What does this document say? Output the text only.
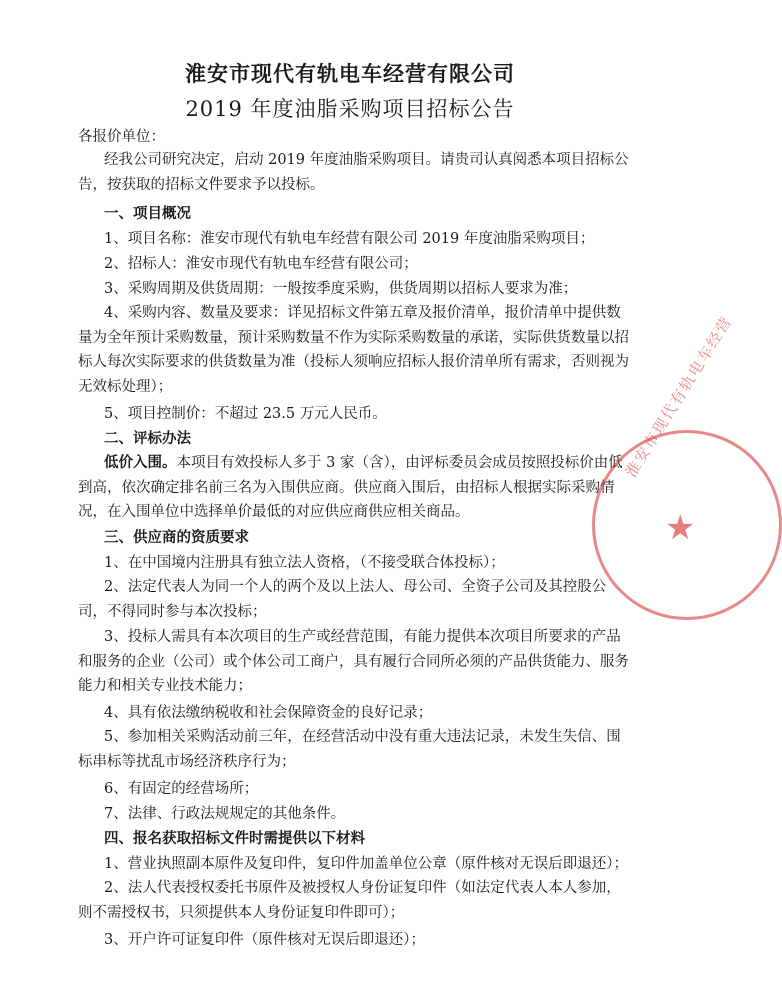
淮安市现代有轨电车经营有限公司
2019 年度油脂采购项目招标公告
各报价单位：
经我公司研究决定，启动 2019 年度油脂采购项目。请贵司认真阅悉本项目招标公告，按获取的招标文件要求予以投标。
一、项目概况
1、项目名称：淮安市现代有轨电车经营有限公司 2019 年度油脂采购项目；
2、招标人：淮安市现代有轨电车经营有限公司；
3、采购周期及供货周期：一般按季度采购，供货周期以招标人要求为准；
4、采购内容、数量及要求：详见招标文件第五章及报价清单，报价清单中提供数量为全年预计采购数量，预计采购数量不作为实际采购数量的承诺，实际供货数量以招标人每次实际要求的供货数量为准（投标人须响应招标人报价清单所有需求，否则视为无效标处理）；
5、项目控制价：不超过 23.5 万元人民币。
二、评标办法
低价入围。本项目有效投标人多于 3 家（含），由评标委员会成员按照投标价由低到高，依次确定排名前三名为入围供应商。供应商入围后，由招标人根据实际采购情况，在入围单位中选择单价最低的对应供应商供应相关商品。
三、供应商的资质要求
1、在中国境内注册具有独立法人资格，（不接受联合体投标）；
2、法定代表人为同一个人的两个及以上法人、母公司、全资子公司及其控股公司，不得同时参与本次投标；
3、投标人需具有本次项目的生产或经营范围，有能力提供本次项目所要求的产品和服务的企业（公司）或个体公司工商户，具有履行合同所必须的产品供货能力、服务能力和相关专业技术能力；
4、具有依法缴纳税收和社会保障资金的良好记录；
5、参加相关采购活动前三年，在经营活动中没有重大违法记录，未发生失信、围标串标等扰乱市场经济秩序行为；
6、有固定的经营场所；
7、法律、行政法规规定的其他条件。
四、报名获取招标文件时需提供以下材料
1、营业执照副本原件及复印件，复印件加盖单位公章（原件核对无误后即退还）；
2、法人代表授权委托书原件及被授权人身份证复印件（如法定代表人本人参加，则不需授权书，只须提供本人身份证复印件即可）；
3、开户许可证复印件（原件核对无误后即退还）；
淮安市现代有轨电车经营
★
